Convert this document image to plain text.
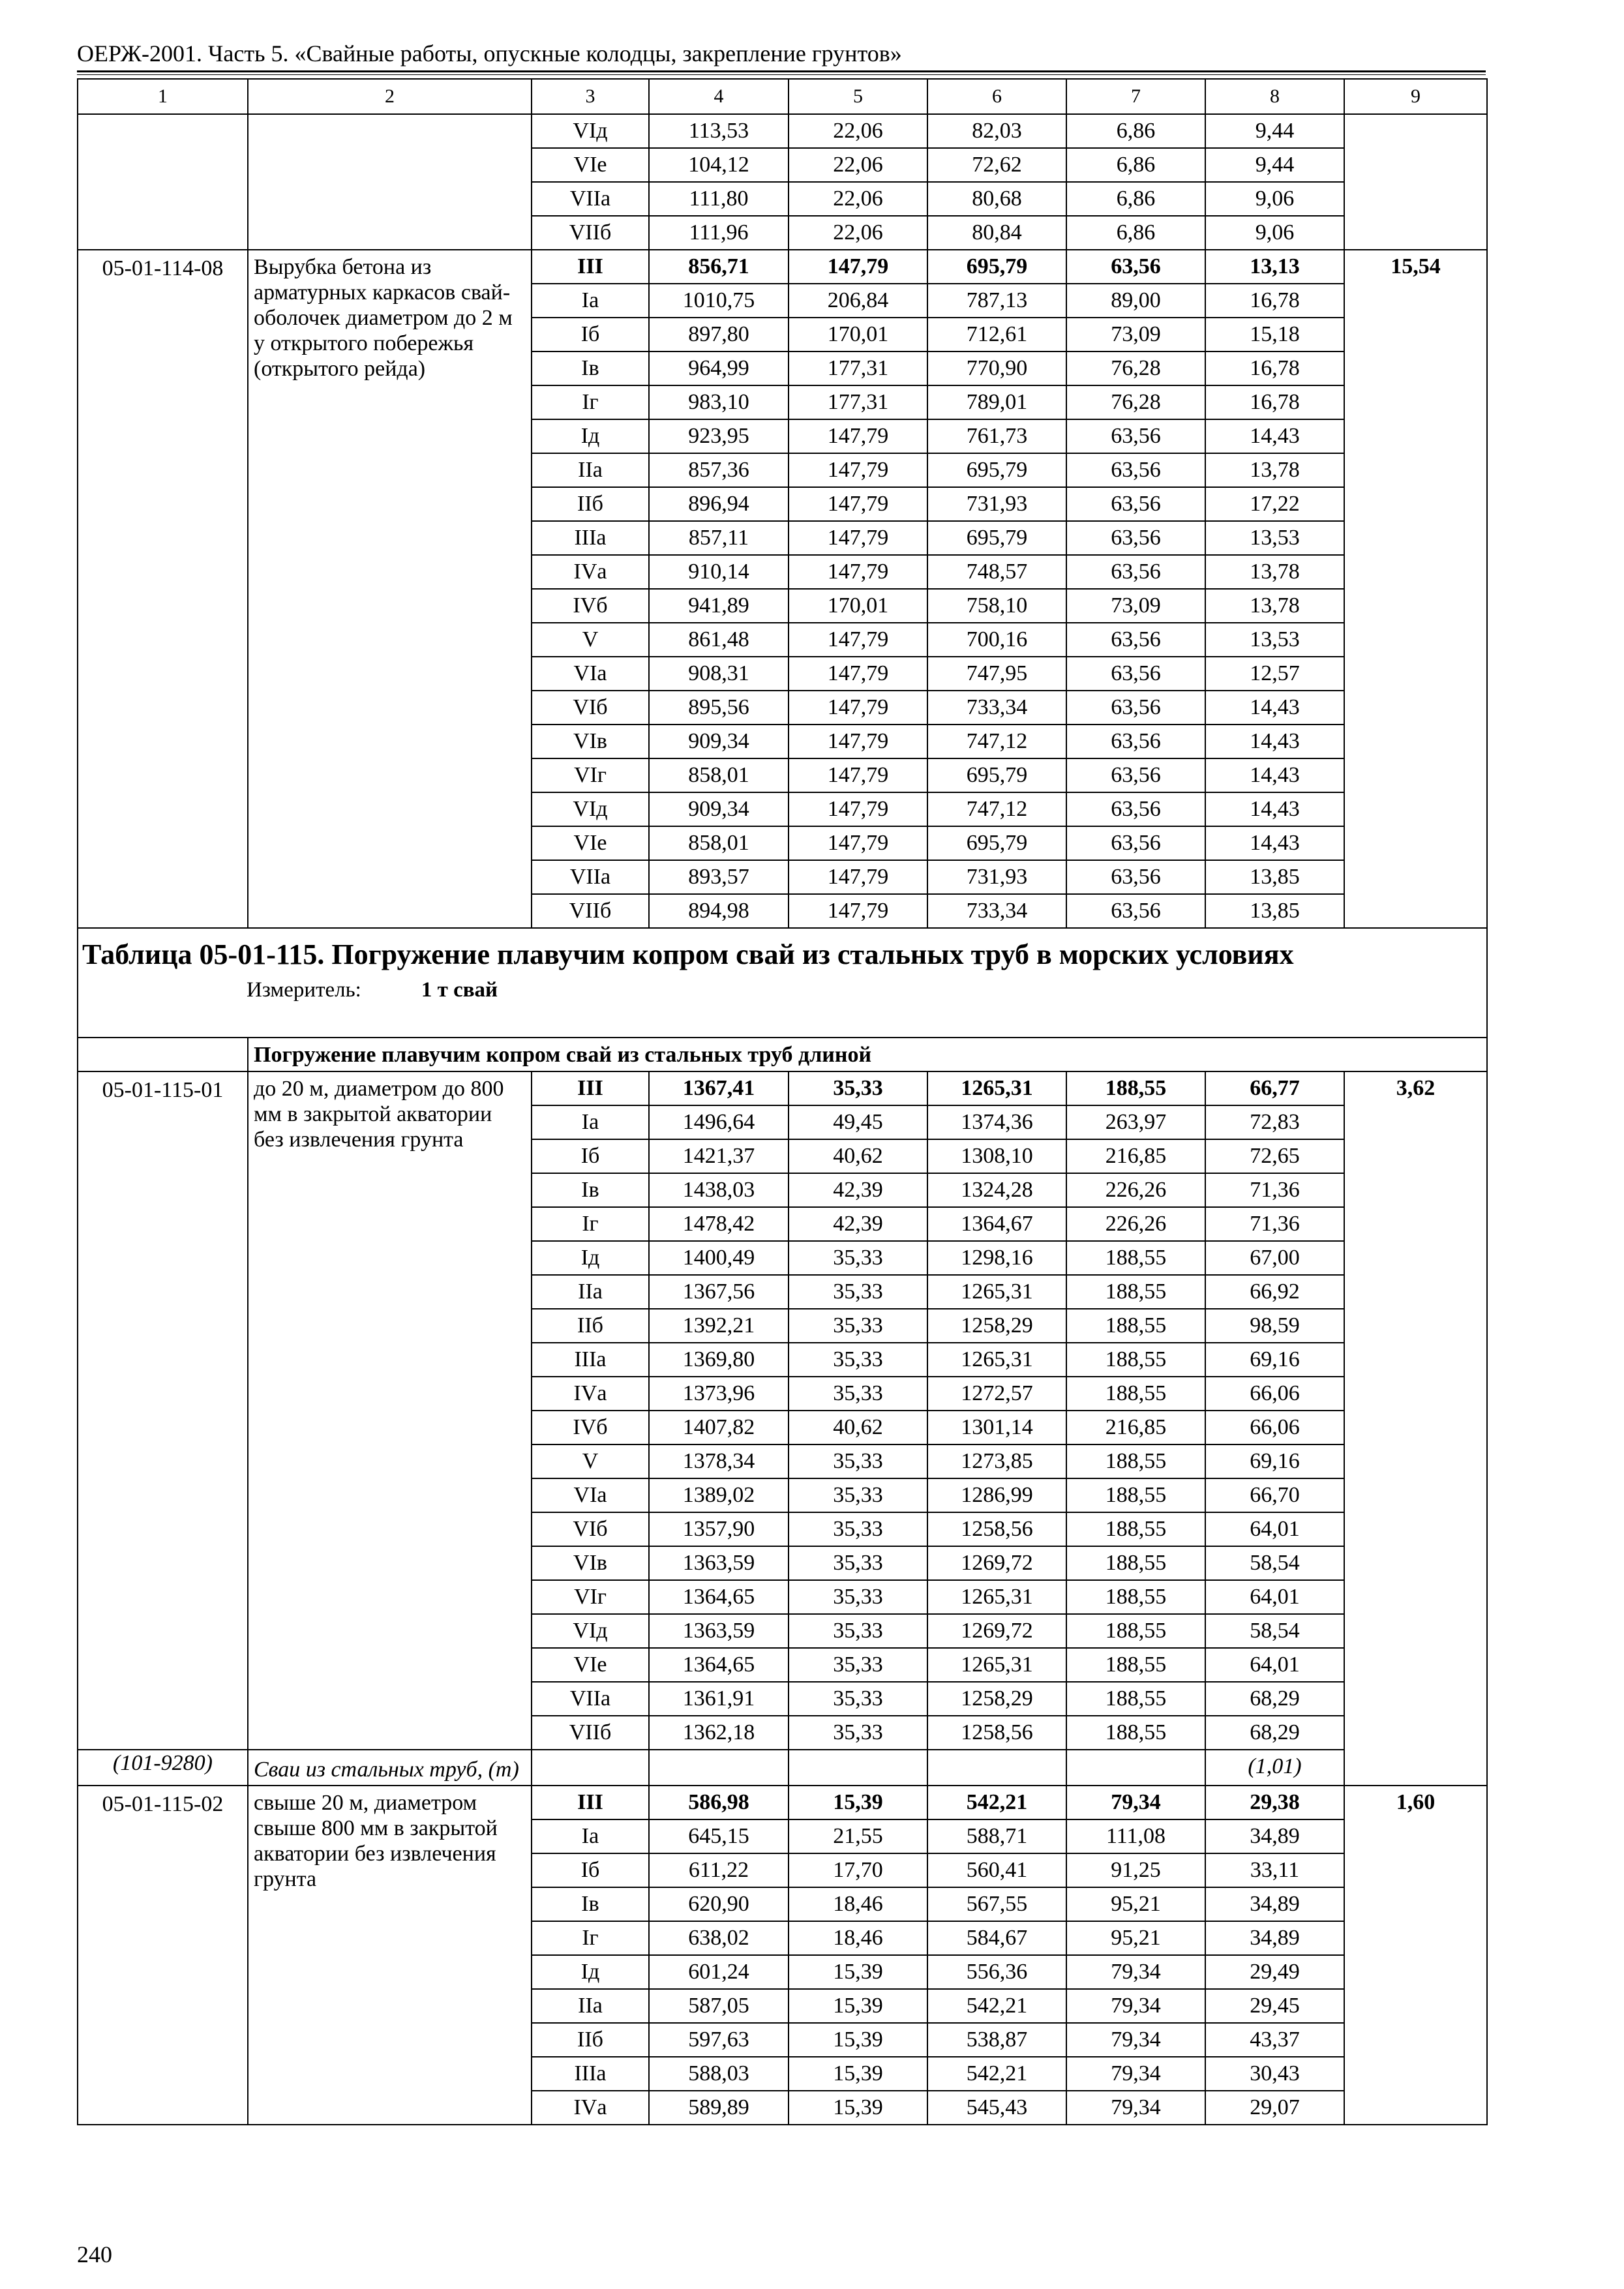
ОЕРЖ-2001. Часть 5. «Свайные работы, опускные колодцы, закрепление грунтов»
1	2	3	4	5	6	7	8	9
		VIд	113,53	22,06	82,03	6,86	9,44	
		VIе	104,12	22,06	72,62	6,86	9,44	
		VIIа	111,80	22,06	80,68	6,86	9,06	
		VIIб	111,96	22,06	80,84	6,86	9,06	
05-01-114-08	Вырубка бетона из арматурных каркасов свай-оболочек диаметром до 2 м у открытого побережья (открытого рейда)	III	856,71	147,79	695,79	63,56	13,13	15,54
		Iа	1010,75	206,84	787,13	89,00	16,78	
		Iб	897,80	170,01	712,61	73,09	15,18	
		Iв	964,99	177,31	770,90	76,28	16,78	
		Iг	983,10	177,31	789,01	76,28	16,78	
		Iд	923,95	147,79	761,73	63,56	14,43	
		IIа	857,36	147,79	695,79	63,56	13,78	
		IIб	896,94	147,79	731,93	63,56	17,22	
		IIIа	857,11	147,79	695,79	63,56	13,53	
		IVа	910,14	147,79	748,57	63,56	13,78	
		IVб	941,89	170,01	758,10	73,09	13,78	
		V	861,48	147,79	700,16	63,56	13,53	
		VIа	908,31	147,79	747,95	63,56	12,57	
		VIб	895,56	147,79	733,34	63,56	14,43	
		VIв	909,34	147,79	747,12	63,56	14,43	
		VIг	858,01	147,79	695,79	63,56	14,43	
		VIд	909,34	147,79	747,12	63,56	14,43	
		VIе	858,01	147,79	695,79	63,56	14,43	
		VIIа	893,57	147,79	731,93	63,56	13,85	
		VIIб	894,98	147,79	733,34	63,56	13,85	

Таблица 05-01-115. Погружение плавучим копром свай из стальных труб в морских условиях
Измеритель: 1 т свай								

	Погружение плавучим копром свай из стальных труб длиной							
05-01-115-01	до 20 м, диаметром до 800 мм в закрытой акватории без извлечения грунта	III	1367,41	35,33	1265,31	188,55	66,77	3,62
		Iа	1496,64	49,45	1374,36	263,97	72,83	
		Iб	1421,37	40,62	1308,10	216,85	72,65	
		Iв	1438,03	42,39	1324,28	226,26	71,36	
		Iг	1478,42	42,39	1364,67	226,26	71,36	
		Iд	1400,49	35,33	1298,16	188,55	67,00	
		IIа	1367,56	35,33	1265,31	188,55	66,92	
		IIб	1392,21	35,33	1258,29	188,55	98,59	
		IIIа	1369,80	35,33	1265,31	188,55	69,16	
		IVа	1373,96	35,33	1272,57	188,55	66,06	
		IVб	1407,82	40,62	1301,14	216,85	66,06	
		V	1378,34	35,33	1273,85	188,55	69,16	
		VIа	1389,02	35,33	1286,99	188,55	66,70	
		VIб	1357,90	35,33	1258,56	188,55	64,01	
		VIв	1363,59	35,33	1269,72	188,55	58,54	
		VIг	1364,65	35,33	1265,31	188,55	64,01	
		VIд	1363,59	35,33	1269,72	188,55	58,54	
		VIе	1364,65	35,33	1265,31	188,55	64,01	
		VIIа	1361,91	35,33	1258,29	188,55	68,29	
		VIIб	1362,18	35,33	1258,56	188,55	68,29	
(101-9280)	Сваи из стальных труб, (т)						(1,01)	
05-01-115-02	свыше 20 м, диаметром свыше 800 мм в закрытой акватории без извлечения грунта	III	586,98	15,39	542,21	79,34	29,38	1,60
		Iа	645,15	21,55	588,71	111,08	34,89	
		Iб	611,22	17,70	560,41	91,25	33,11	
		Iв	620,90	18,46	567,55	95,21	34,89	
		Iг	638,02	18,46	584,67	95,21	34,89	
		Iд	601,24	15,39	556,36	79,34	29,49	
		IIа	587,05	15,39	542,21	79,34	29,45	
		IIб	597,63	15,39	538,87	79,34	43,37	
		IIIа	588,03	15,39	542,21	79,34	30,43	
		IVа	589,89	15,39	545,43	79,34	29,07	
240
